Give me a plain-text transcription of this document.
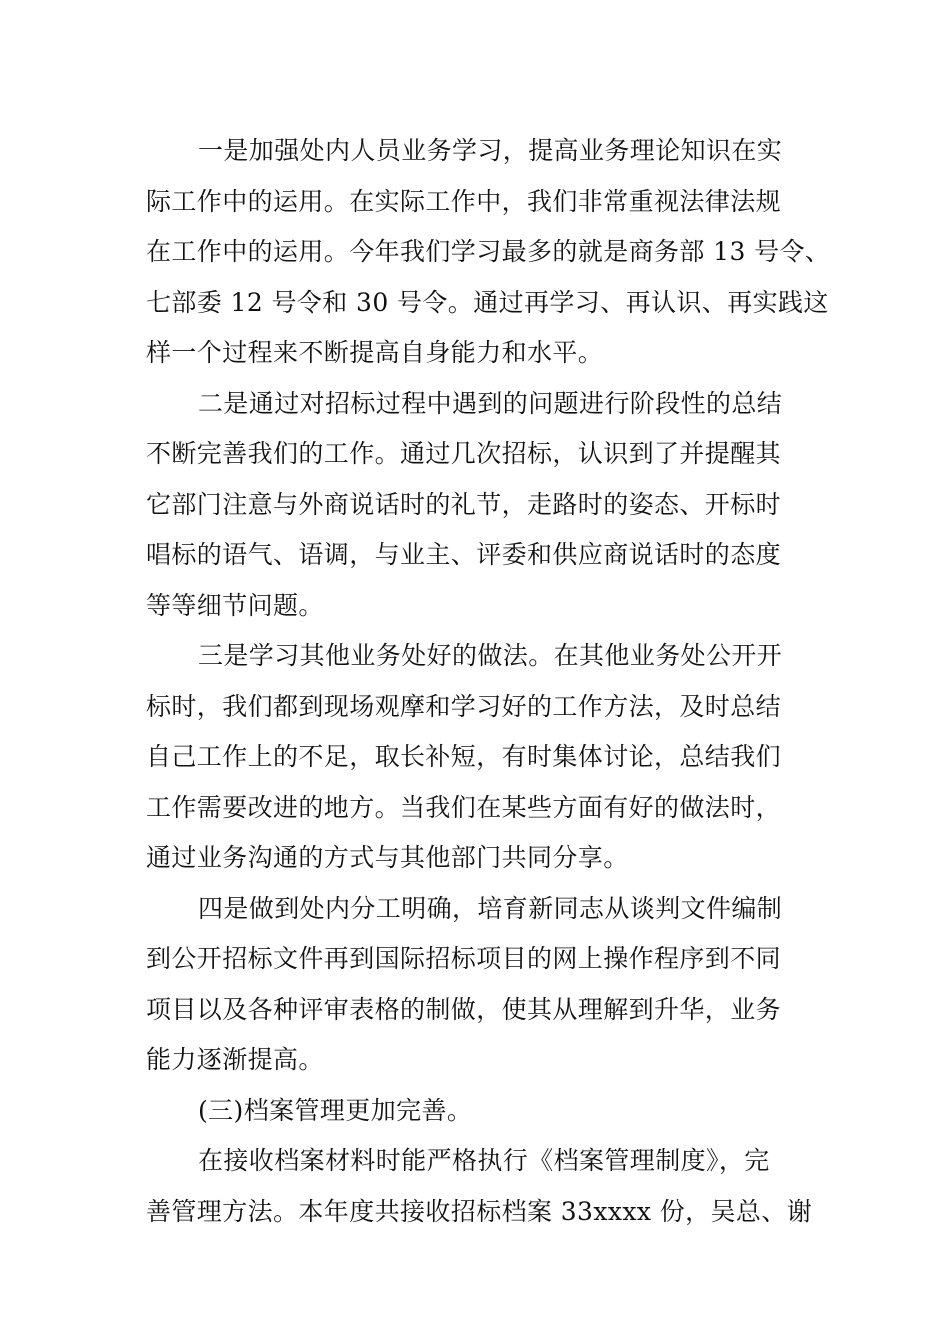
一是加强处内人员业务学习，提高业务理论知识在实
际工作中的运用。在实际工作中，我们非常重视法律法规
在工作中的运用。今年我们学习最多的就是商务部 13 号令、
七部委 12 号令和 30 号令。通过再学习、再认识、再实践这
样一个过程来不断提高自身能力和水平。
二是通过对招标过程中遇到的问题进行阶段性的总结
不断完善我们的工作。通过几次招标，认识到了并提醒其
它部门注意与外商说话时的礼节，走路时的姿态、开标时
唱标的语气、语调，与业主、评委和供应商说话时的态度
等等细节问题。
三是学习其他业务处好的做法。在其他业务处公开开
标时，我们都到现场观摩和学习好的工作方法，及时总结
自己工作上的不足，取长补短，有时集体讨论，总结我们
工作需要改进的地方。当我们在某些方面有好的做法时，
通过业务沟通的方式与其他部门共同分享。
四是做到处内分工明确，培育新同志从谈判文件编制
到公开招标文件再到国际招标项目的网上操作程序到不同
项目以及各种评审表格的制做，使其从理解到升华，业务
能力逐渐提高。
(三)档案管理更加完善。
在接收档案材料时能严格执行《档案管理制度》，完
善管理方法。本年度共接收招标档案 33xxxx 份，吴总、谢
